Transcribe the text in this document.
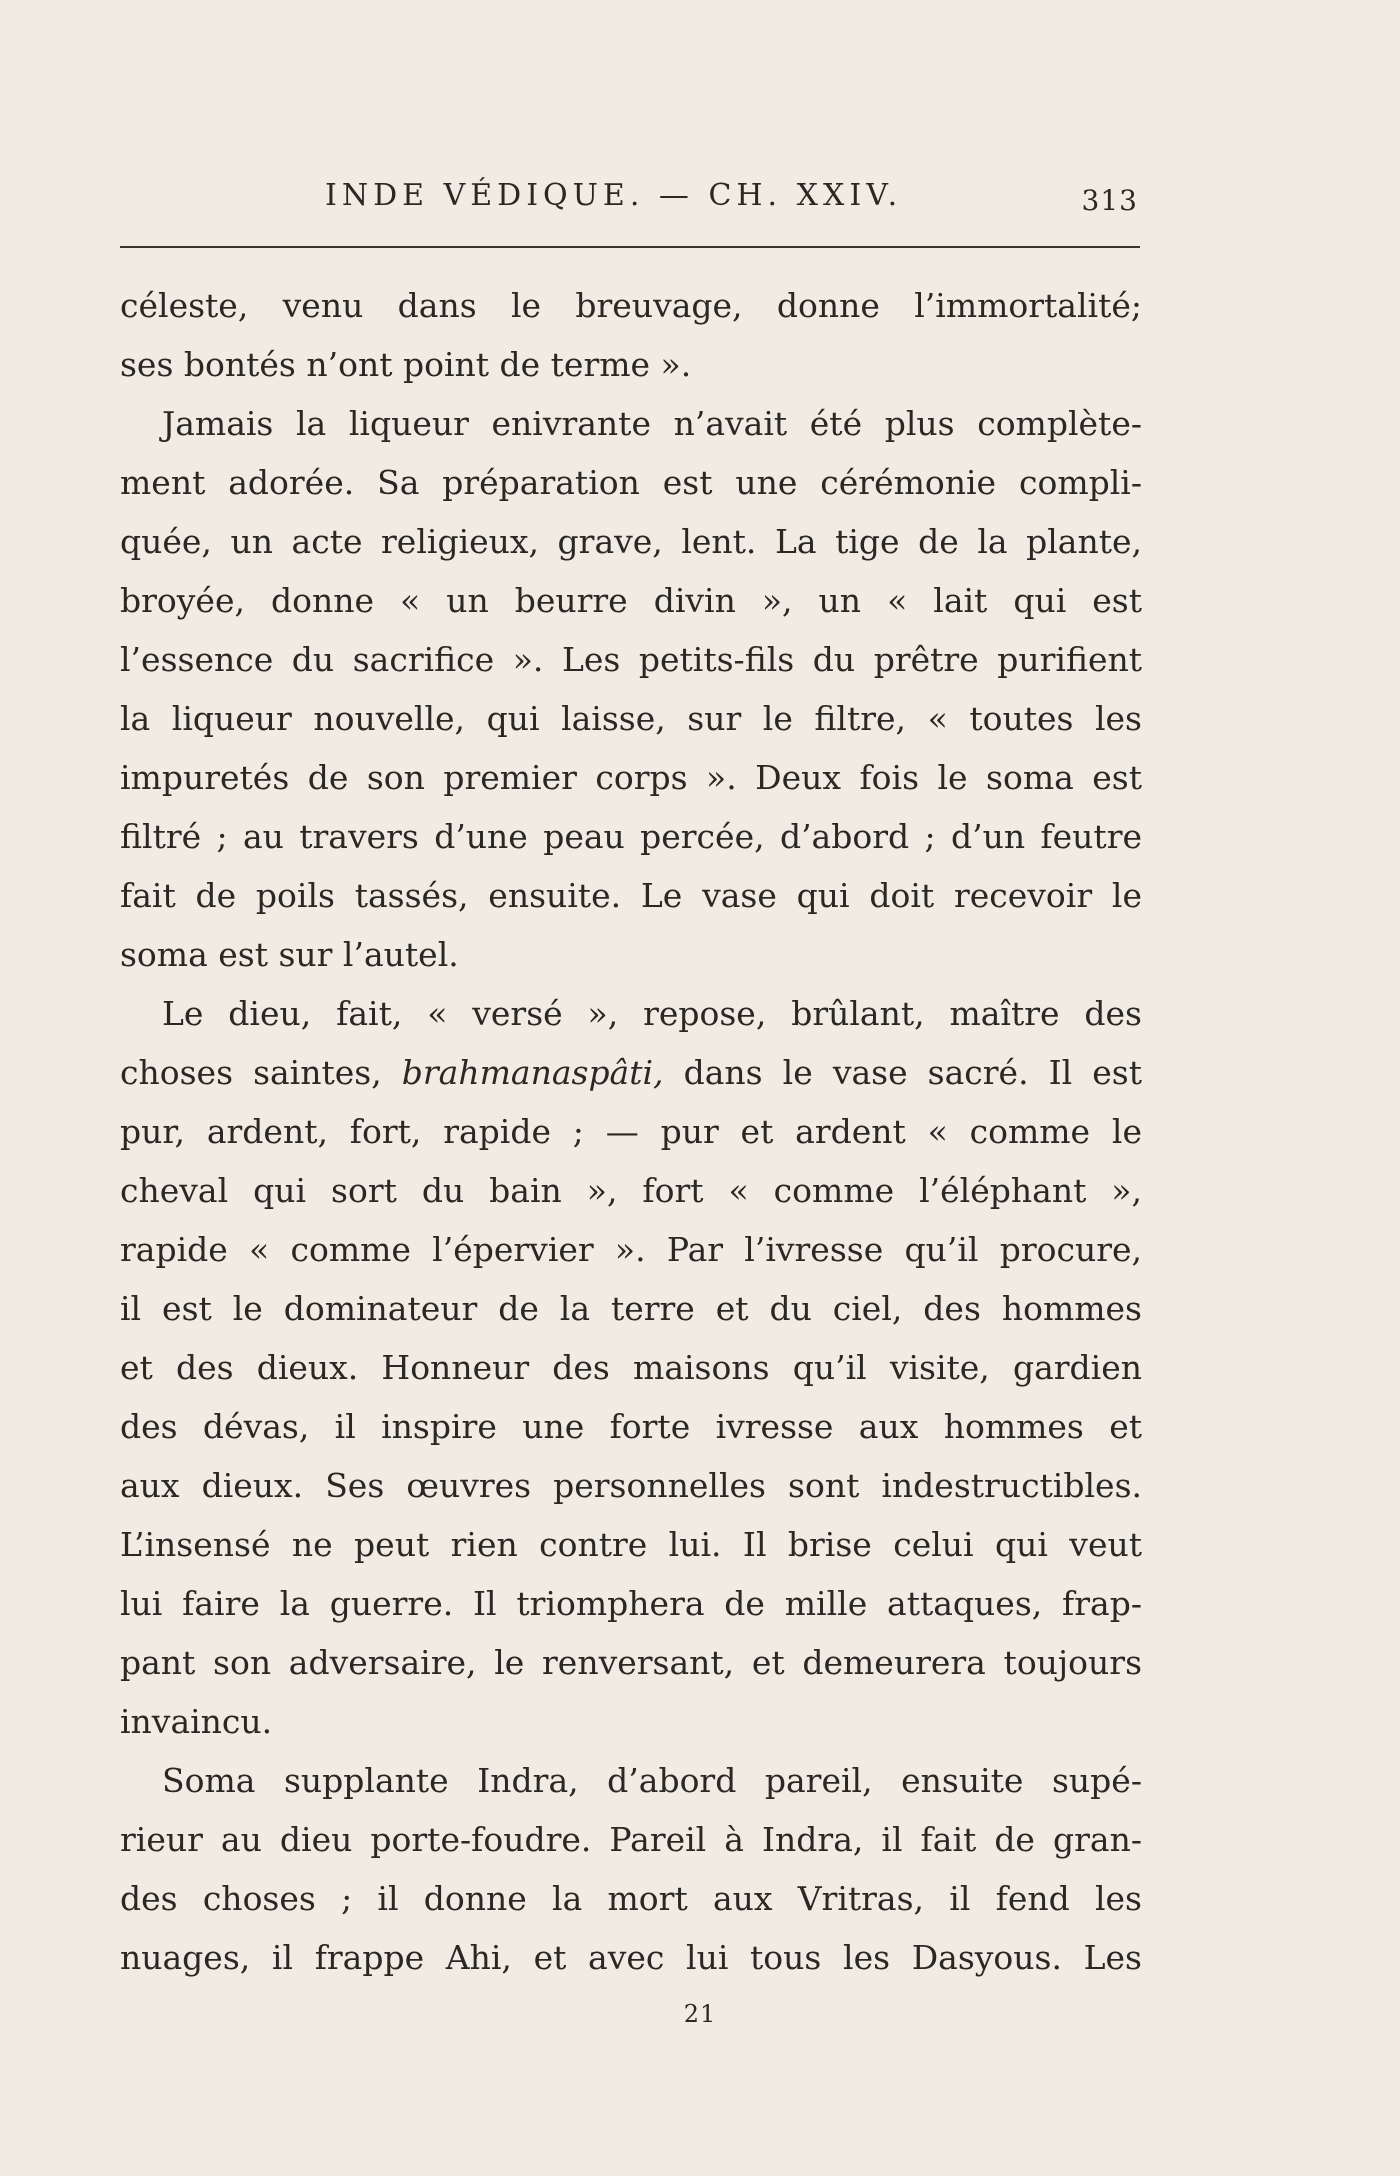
INDE VÉDIQUE. — CH. XXIV.	313
céleste, venu dans le breuvage, donne l’immortalité;
ses bontés n’ont point de terme ».
Jamais la liqueur enivrante n’avait été plus complète-
ment adorée. Sa préparation est une cérémonie compli-
quée, un acte religieux, grave, lent. La tige de la plante,
broyée, donne « un beurre divin », un « lait qui est
l’essence du sacrifice ». Les petits-fils du prêtre purifient
la liqueur nouvelle, qui laisse, sur le filtre, « toutes les
impuretés de son premier corps ». Deux fois le soma est
filtré ; au travers d’une peau percée, d’abord ; d’un feutre
fait de poils tassés, ensuite. Le vase qui doit recevoir le
soma est sur l’autel.
Le dieu, fait, « versé », repose, brûlant, maître des
choses saintes, brahmanaspâti, dans le vase sacré. Il est
pur, ardent, fort, rapide ; — pur et ardent « comme le
cheval qui sort du bain », fort « comme l’éléphant »,
rapide « comme l’épervier ». Par l’ivresse qu’il procure,
il est le dominateur de la terre et du ciel, des hommes
et des dieux. Honneur des maisons qu’il visite, gardien
des dévas, il inspire une forte ivresse aux hommes et
aux dieux. Ses œuvres personnelles sont indestructibles.
L’insensé ne peut rien contre lui. Il brise celui qui veut
lui faire la guerre. Il triomphera de mille attaques, frap-
pant son adversaire, le renversant, et demeurera toujours
invaincu.
Soma supplante Indra, d’abord pareil, ensuite supé-
rieur au dieu porte-foudre. Pareil à Indra, il fait de gran-
des choses ; il donne la mort aux Vritras, il fend les
nuages, il frappe Ahi, et avec lui tous les Dasyous. Les
21
